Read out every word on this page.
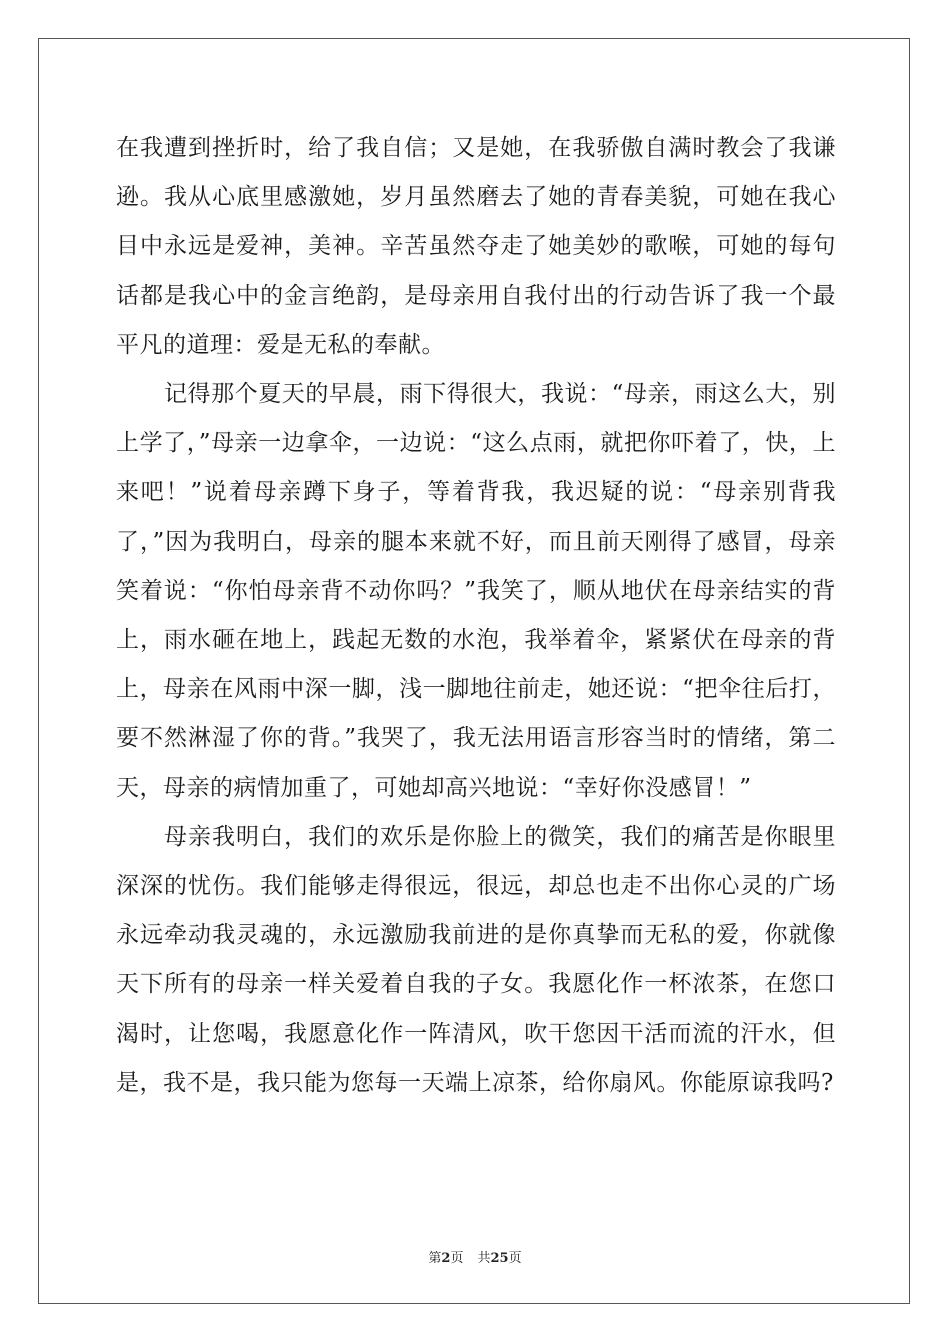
在我遭到挫折时，给了我自信；又是她，在我骄傲自满时教会了我谦逊。我从心底里感激她，岁月虽然磨去了她的青春美貌，可她在我心目中永远是爱神，美神。辛苦虽然夺走了她美妙的歌喉，可她的每句话都是我心中的金言绝韵，是母亲用自我付出的行动告诉了我一个最平凡的道理：爱是无私的奉献。

记得那个夏天的早晨，雨下得很大，我说：“母亲，雨这么大，别上学了，”母亲一边拿伞，一边说：“这么点雨，就把你吓着了，快，上来吧！”说着母亲蹲下身子，等着背我，我迟疑的说：“母亲别背我了，”因为我明白，母亲的腿本来就不好，而且前天刚得了感冒，母亲笑着说：“你怕母亲背不动你吗？”我笑了，顺从地伏在母亲结实的背上，雨水砸在地上，践起无数的水泡，我举着伞，紧紧伏在母亲的背上，母亲在风雨中深一脚，浅一脚地往前走，她还说：“把伞往后打，要不然淋湿了你的背。”我哭了，我无法用语言形容当时的情绪，第二天，母亲的病情加重了，可她却高兴地说：“幸好你没感冒！”

母亲我明白，我们的欢乐是你脸上的微笑，我们的痛苦是你眼里深深的忧伤。我们能够走得很远，很远，却总也走不出你心灵的广场永远牵动我灵魂的，永远激励我前进的是你真挚而无私的爱，你就像天下所有的母亲一样关爱着自我的子女。我愿化作一杯浓茶，在您口渴时，让您喝，我愿意化作一阵清风，吹干您因干活而流的汗水，但是，我不是，我只能为您每一天端上凉茶，给你扇风。你能原谅我吗?

第2页 共25页
